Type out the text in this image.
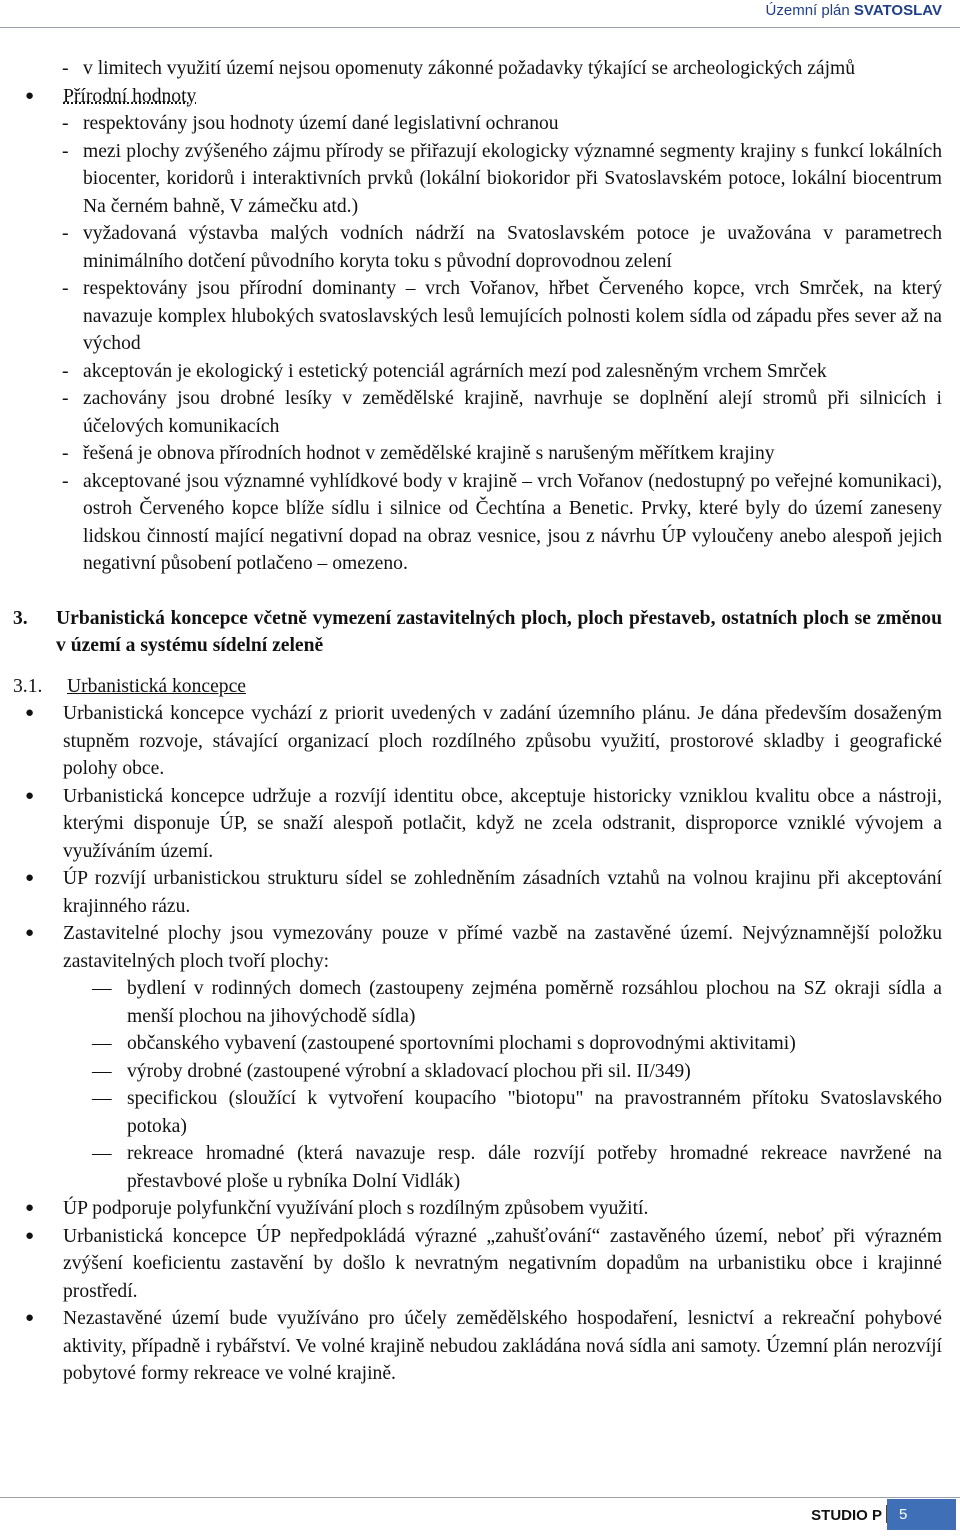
Územní plán SVATOSLAV
- v limitech využití území nejsou opomenuty zákonné požadavky týkající se archeologických zájmů
● Přírodní hodnoty
- respektovány jsou hodnoty území dané legislativní ochranou
- mezi plochy zvýšeného zájmu přírody se přiřazují ekologicky významné segmenty krajiny s funkcí lokálních biocenter, koridorů i interaktivních prvků (lokální biokoridor při Svatoslavském potoce, lokální biocentrum Na černém bahně, V zámečku atd.)
- vyžadovaná výstavba malých vodních nádrží na Svatoslavském potoce je uvažována v parametrech minimálního dotčení původního koryta toku s původní doprovodnou zelení
- respektovány jsou přírodní dominanty – vrch Vořanov, hřbet Červeného kopce, vrch Smrček, na který navazuje komplex hlubokých svatoslavských lesů lemujících polnosti kolem sídla od západu přes sever až na východ
- akceptován je ekologický i estetický potenciál agrárních mezí pod zalesněným vrchem Smrček
- zachovány jsou drobné lesíky v zemědělské krajině, navrhuje se doplnění alejí stromů při silnicích i účelových komunikacích
- řešená je obnova přírodních hodnot v zemědělské krajině s narušeným měřítkem krajiny
- akceptované jsou významné vyhlídkové body v krajině – vrch Vořanov (nedostupný po veřejné komunikaci), ostroh Červeného kopce blíže sídlu i silnice od Čechtína a Benetic. Prvky, které byly do území zaneseny lidskou činností mající negativní dopad na obraz vesnice, jsou z návrhu ÚP vyloučeny anebo alespoň jejich negativní působení potlačeno – omezeno.
3. Urbanistická koncepce včetně vymezení zastavitelných ploch, ploch přestaveb, ostatních ploch se změnou v území a systému sídelní zeleně
3.1. Urbanistická koncepce
● Urbanistická koncepce vychází z priorit uvedených v zadání územního plánu. Je dána především dosaženým stupněm rozvoje, stávající organizací ploch rozdílného způsobu využití, prostorové skladby i geografické polohy obce.
● Urbanistická koncepce udržuje a rozvíjí identitu obce, akceptuje historicky vzniklou kvalitu obce a nástroji, kterými disponuje ÚP, se snaží alespoň potlačit, když ne zcela odstranit, disproporce vzniklé vývojem a využíváním území.
● ÚP rozvíjí urbanistickou strukturu sídel se zohledněním zásadních vztahů na volnou krajinu při akceptování krajinného rázu.
● Zastavitelné plochy jsou vymezovány pouze v přímé vazbě na zastavěné území. Nejvýznamnější položku zastavitelných ploch tvoří plochy:
— bydlení v rodinných domech (zastoupeny zejména poměrně rozsáhlou plochou na SZ okraji sídla a menší plochou na jihovýchodě sídla)
— občanského vybavení (zastoupené sportovními plochami s doprovodnými aktivitami)
— výroby drobné (zastoupené výrobní a skladovací plochou při sil. II/349)
— specifickou (sloužící k vytvoření koupacího "biotopu" na pravostranném přítoku Svatoslavského potoka)
— rekreace hromadné (která navazuje resp. dále rozvíjí potřeby hromadné rekreace navržené na přestavbové ploše u rybníka Dolní Vidlák)
● ÚP podporuje polyfunkční využívání ploch s rozdílným způsobem využití.
● Urbanistická koncepce ÚP nepředpokládá výrazné „zahušťování“ zastavěného území, neboť při výrazném zvýšení koeficientu zastavění by došlo k nevratným negativním dopadům na urbanistiku obce i krajinné prostředí.
● Nezastavěné území bude využíváno pro účely zemědělského hospodaření, lesnictví a rekreační pohybové aktivity, případně i rybářství. Ve volné krajině nebudou zakládána nová sídla ani samoty. Územní plán nerozvíjí pobytové formy rekreace ve volné krajině.
STUDIO P	5
